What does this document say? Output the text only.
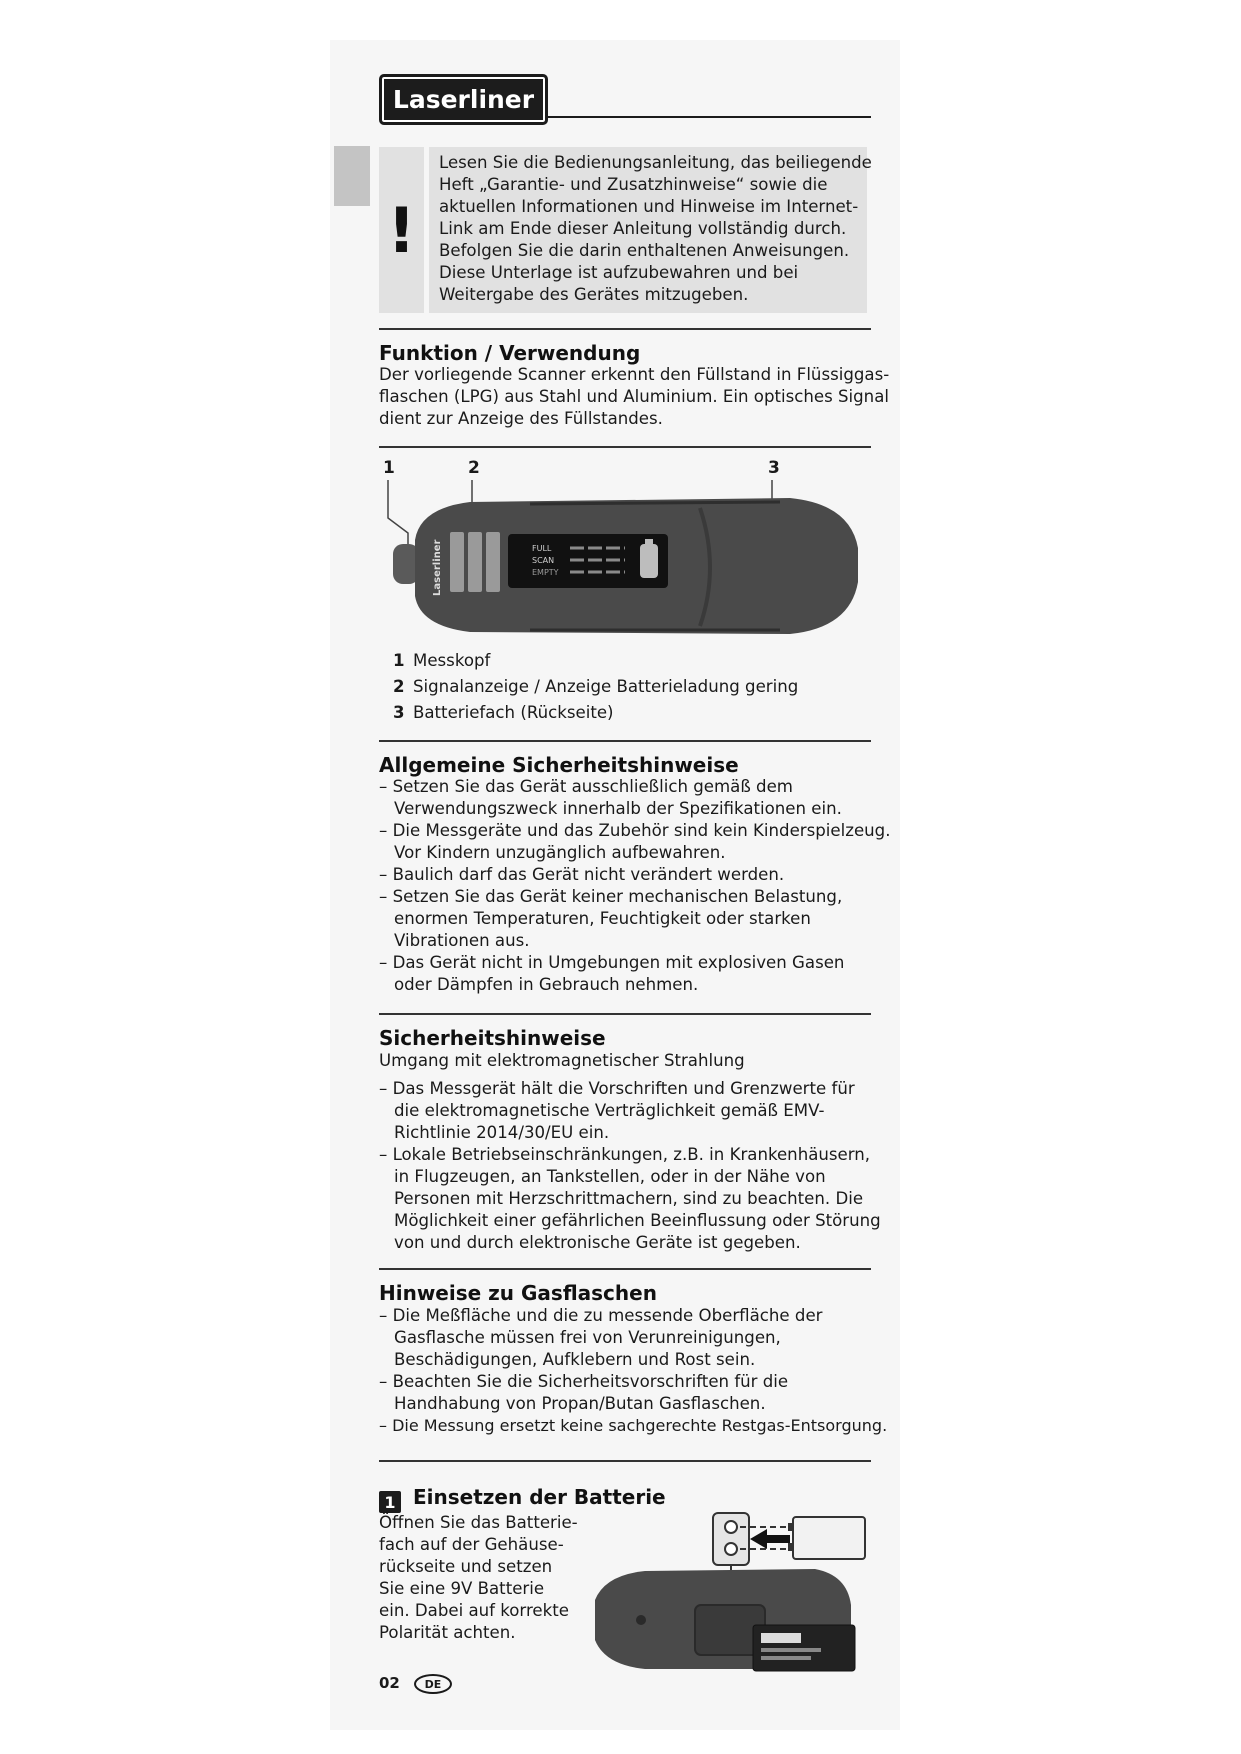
Laserliner
!
Lesen Sie die Bedienungsanleitung, das beiliegende
Heft „Garantie- und Zusatzhinweise“ sowie die
aktuellen Informationen und Hinweise im Internet-
Link am Ende dieser Anleitung vollständig durch.
Befolgen Sie die darin enthaltenen Anweisungen.
Diese Unterlage ist aufzubewahren und bei
Weitergabe des Gerätes mitzugeben.
Funktion / Verwendung
Der vorliegende Scanner erkennt den Füllstand in Flüssiggas-
flaschen (LPG) aus Stahl und Aluminium. Ein optisches Signal
dient zur Anzeige des Füllstandes.
1	2	3
Laserliner	FULL
SCAN
EMPTY
1 Messkopf
2 Signalanzeige / Anzeige Batterieladung gering
3 Batteriefach (Rückseite)
Allgemeine Sicherheitshinweise
– Setzen Sie das Gerät ausschließlich gemäß dem
Verwendungszweck innerhalb der Spezifikationen ein.
– Die Messgeräte und das Zubehör sind kein Kinderspielzeug.
Vor Kindern unzugänglich aufbewahren.
– Baulich darf das Gerät nicht verändert werden.
– Setzen Sie das Gerät keiner mechanischen Belastung,
enormen Temperaturen, Feuchtigkeit oder starken
Vibrationen aus.
– Das Gerät nicht in Umgebungen mit explosiven Gasen
oder Dämpfen in Gebrauch nehmen.
Sicherheitshinweise
Umgang mit elektromagnetischer Strahlung
– Das Messgerät hält die Vorschriften und Grenzwerte für
die elektromagnetische Verträglichkeit gemäß EMV-
Richtlinie 2014/30/EU ein.
– Lokale Betriebseinschränkungen, z.B. in Krankenhäusern,
in Flugzeugen, an Tankstellen, oder in der Nähe von
Personen mit Herzschrittmachern, sind zu beachten. Die
Möglichkeit einer gefährlichen Beeinflussung oder Störung
von und durch elektronische Geräte ist gegeben.
Hinweise zu Gasflaschen
– Die Meßfläche und die zu messende Oberfläche der
Gasflasche müssen frei von Verunreinigungen,
Beschädigungen, Aufklebern und Rost sein.
– Beachten Sie die Sicherheitsvorschriften für die
Handhabung von Propan/Butan Gasflaschen.
– Die Messung ersetzt keine sachgerechte Restgas-Entsorgung.
1 Einsetzen der Batterie
Öffnen Sie das Batterie-
fach auf der Gehäuse-
rückseite und setzen
Sie eine 9V Batterie
ein. Dabei auf korrekte
Polarität achten.
02	DE
